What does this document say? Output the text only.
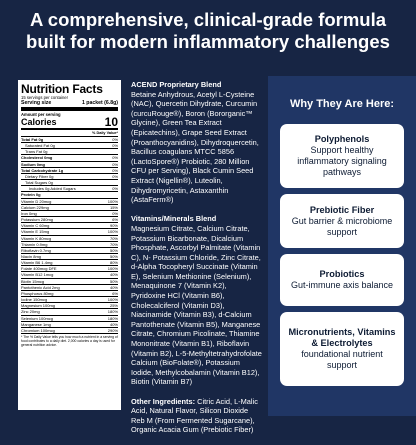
A comprehensive, clinical-grade formula
built for modern inflammatory challenges
Nutrition Facts
15 servings per container
Serving size	1 packet (6.8g)
Amount per serving
Calories	10
% Daily Value*
Total Fat 0g	0%
Saturated Fat 0g	0%
Trans Fat 0g
Cholesterol 0mg	0%
Sodium 0mg	0%
Total Carbohydrate 1g	0%
Dietary Fiber 0g	0%
Total Sugars 0g
Includes 0g Added Sugars	0%
Protein 0g
Vitamin D 20mcg	100%
Calcium 229mg	15%
Iron 0mg	0%
Potassium 280mg	6%
Vitamin C 60mg	90%
Vitamin E 15mg	100%
Vitamin K 80mcg	70%
Thiamin 0.9mg	70%
Riboflavin 0.7mg	50%
Niacin 8mg	50%
Vitamin B6 1.4mg	80%
Folate 400mcg DFE	100%
Vitamin B12 1mcg	40%
Biotin 15mcg	50%
Pantothenic Acid 2mg	40%
Phosphorus 80mg	6%
Iodine 150mcg	100%
Magnesium 100mg	25%
Zinc 20mg	180%
Selenium 100mcg	180%
Manganese 1mg	40%
Chromium 100mcg	290%
* The % Daily Value tells you how much a nutrient in a serving of food contributes to a daily diet. 2,000 calories a day is used for general nutrition advice.

ACEND Proprietary Blend
Betaine Anhydrous, Acetyl L-Cysteine (NAC), Quercetin Dihydrate, Curcumin (curcuRouge®), Boron (Bororganic™ Glycine), Green Tea Extract (Epicatechins), Grape Seed Extract (Proanthocyanidins), Dihydroquercetin, Bacillus coagulans MTCC 5856 (LactoSpore®) Probiotic, 280 Million CFU per Serving), Black Cumin Seed Extract (Nigellin®), Luteolin, Dihydromyricetin, Astaxanthin (AstaFerm®)

Vitamins/Minerals Blend
Magnesium Citrate, Calcium Citrate, Potassium Bicarbonate, Dicalcium Phosphate, Ascorbyl Palmitate (Vitamin C), N- Potassium Chloride, Zinc Citrate, d-Alpha Tocopheryl Succinate (Vitamin E), Selenium Methionine (Selenium), Menaquinone 7 (Vitamin K2), Pyridoxine HCl (Vitamin B6), Cholecalciferol (Vitamin D3), Niacinamide (Vitamin B3), d-Calcium Pantothenate (Vitamin B5), Manganese Citrate, Chromium Picolinate, Thiamine Mononitrate (Vitamin B1), Riboflavin (Vitamin B2), L-5-Methyltetrahydrofolate Calcium (BioFolate®), Potassium Iodide, Methylcobalamin (Vitamin B12), Biotin (Vitamin B7)

Other Ingredients: Citric Acid, L-Malic Acid, Natural Flavor, Silicon Dioxide Reb M (From Fermented Sugarcane), Organic Acacia Gum (Prebiotic Fiber)

Why They Are Here:
Polyphenols
Support healthy inflammatory signaling pathways
Prebiotic Fiber
Gut barrier & microbiome support
Probiotics
Gut-immune axis balance
Micronutrients, Vitamins & Electrolytes
foundational nutrient support
